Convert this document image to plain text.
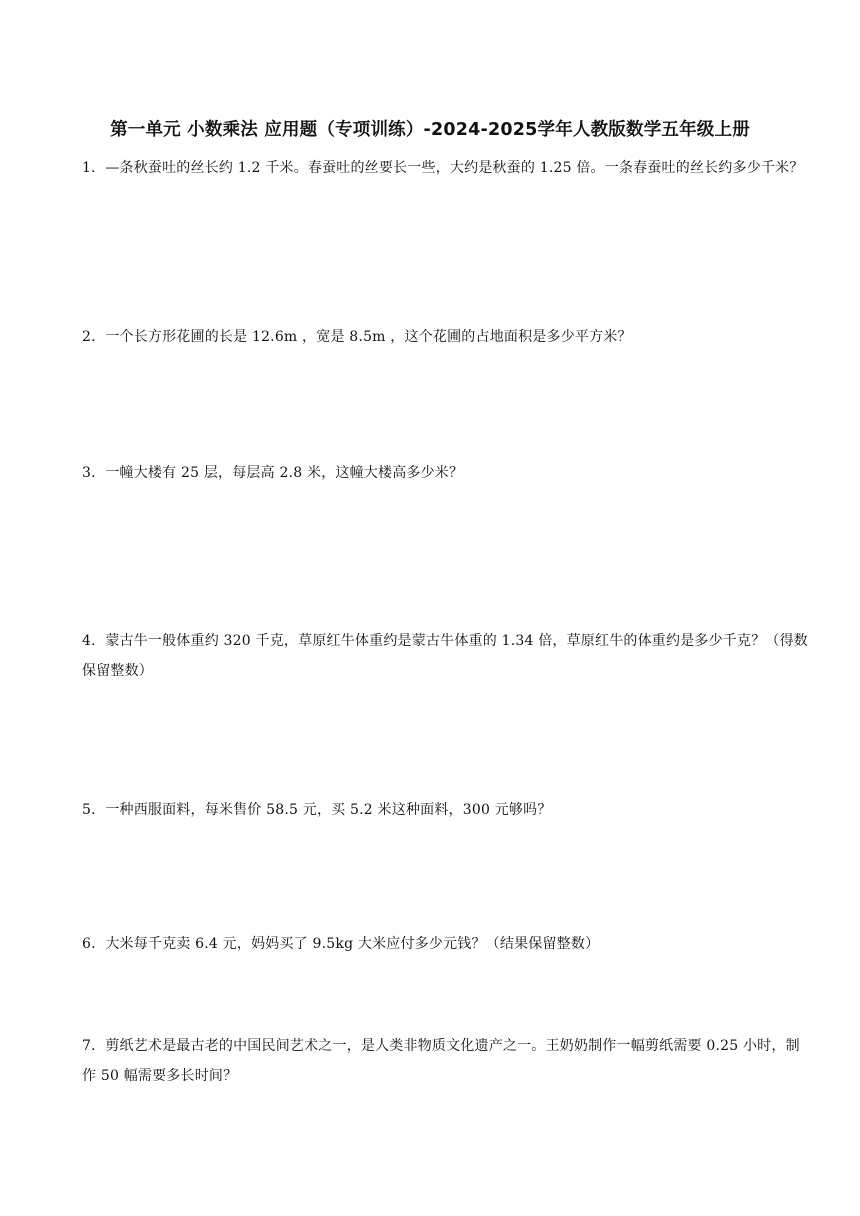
第一单元 小数乘法 应用题（专项训练）-2024-2025学年人教版数学五年级上册
1．—条秋蚕吐的丝长约 1.2 千米。春蚕吐的丝要长一些，大约是秋蚕的 1.25 倍。一条春蚕吐的丝长约多少千米？
2．一个长方形花圃的长是 12.6m ，宽是 8.5m ，这个花圃的占地面积是多少平方米？
3．一幢大楼有 25 层，每层高 2.8 米，这幢大楼高多少米？
4．蒙古牛一般体重约 320 千克，草原红牛体重约是蒙古牛体重的 1.34 倍，草原红牛的体重约是多少千克？（得数保留整数）
5．一种西服面料，每米售价 58.5 元，买 5.2 米这种面料，300 元够吗？
6．大米每千克卖 6.4 元，妈妈买了 9.5kg 大米应付多少元钱？（结果保留整数）
7．剪纸艺术是最古老的中国民间艺术之一，是人类非物质文化遗产之一。王奶奶制作一幅剪纸需要 0.25 小时，制作 50 幅需要多长时间？
